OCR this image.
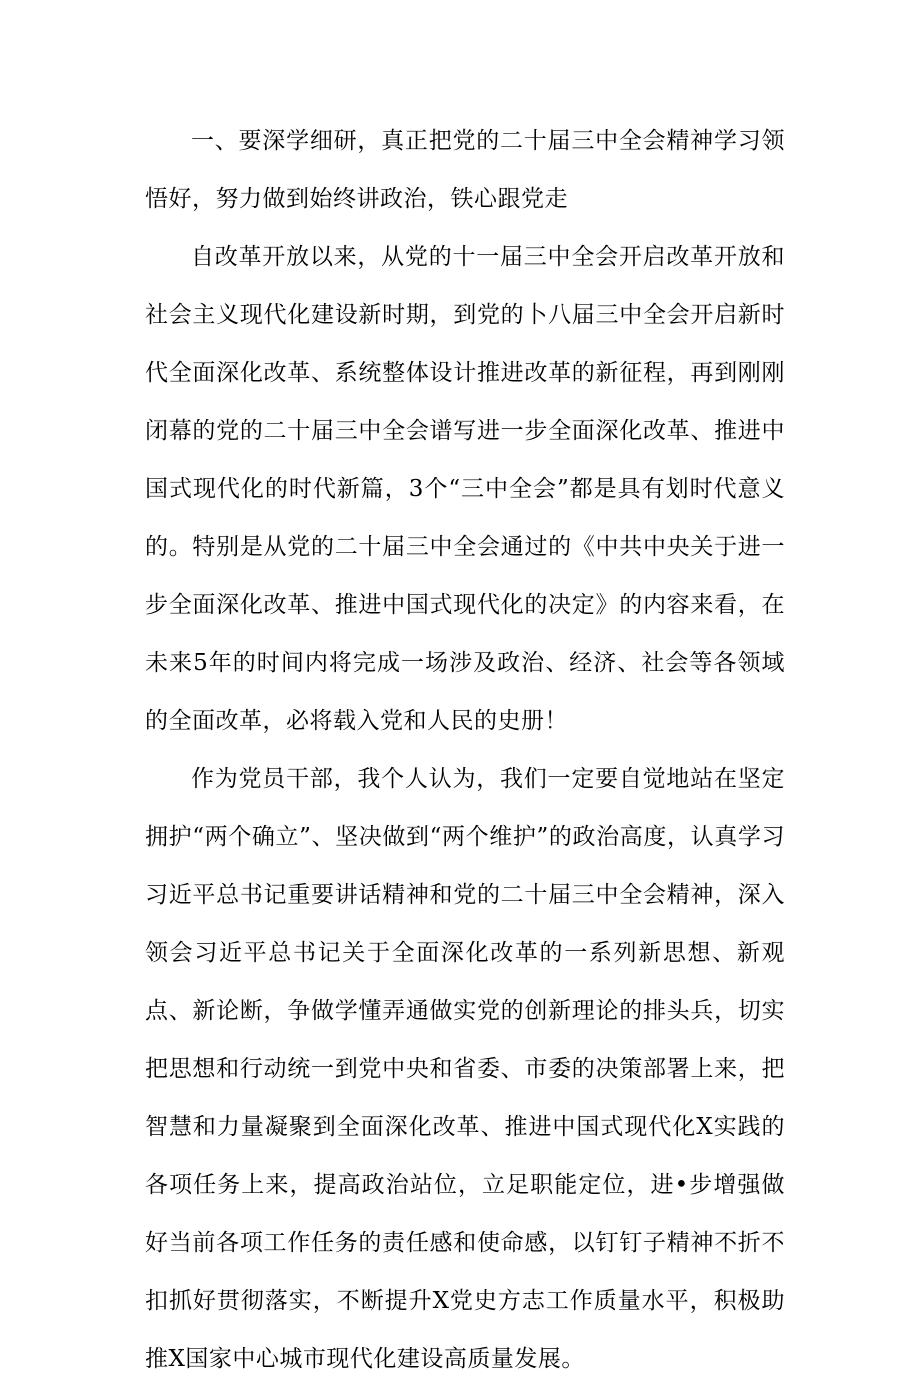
一、要深学细研，真正把党的二十届三中全会精神学习领悟好，努力做到始终讲政治，铁心跟党走

自改革开放以来，从党的十一届三中全会开启改革开放和社会主义现代化建设新时期，到党的卜八届三中全会开启新时代全面深化改革、系统整体设计推进改革的新征程，再到刚刚闭幕的党的二十届三中全会谱写进一步全面深化改革、推进中国式现代化的时代新篇，3个“三中全会”都是具有划时代意义的。特别是从党的二十届三中全会通过的《中共中央关于进一步全面深化改革、推进中国式现代化的决定》的内容来看，在未来5年的时间内将完成一场涉及政治、经济、社会等各领域的全面改革，必将载入党和人民的史册！

作为党员干部，我个人认为，我们一定要自觉地站在坚定拥护“两个确立”、坚决做到“两个维护”的政治高度，认真学习习近平总书记重要讲话精神和党的二十届三中全会精神，深入领会习近平总书记关于全面深化改革的一系列新思想、新观点、新论断，争做学懂弄通做实党的创新理论的排头兵，切实把思想和行动统一到党中央和省委、市委的决策部署上来，把智慧和力量凝聚到全面深化改革、推进中国式现代化X实践的各项任务上来，提高政治站位，立足职能定位，进•步增强做好当前各项工作任务的责任感和使命感，以钉钉子精神不折不扣抓好贯彻落实，不断提升X党史方志工作质量水平，积极助推X国家中心城市现代化建设高质量发展。
